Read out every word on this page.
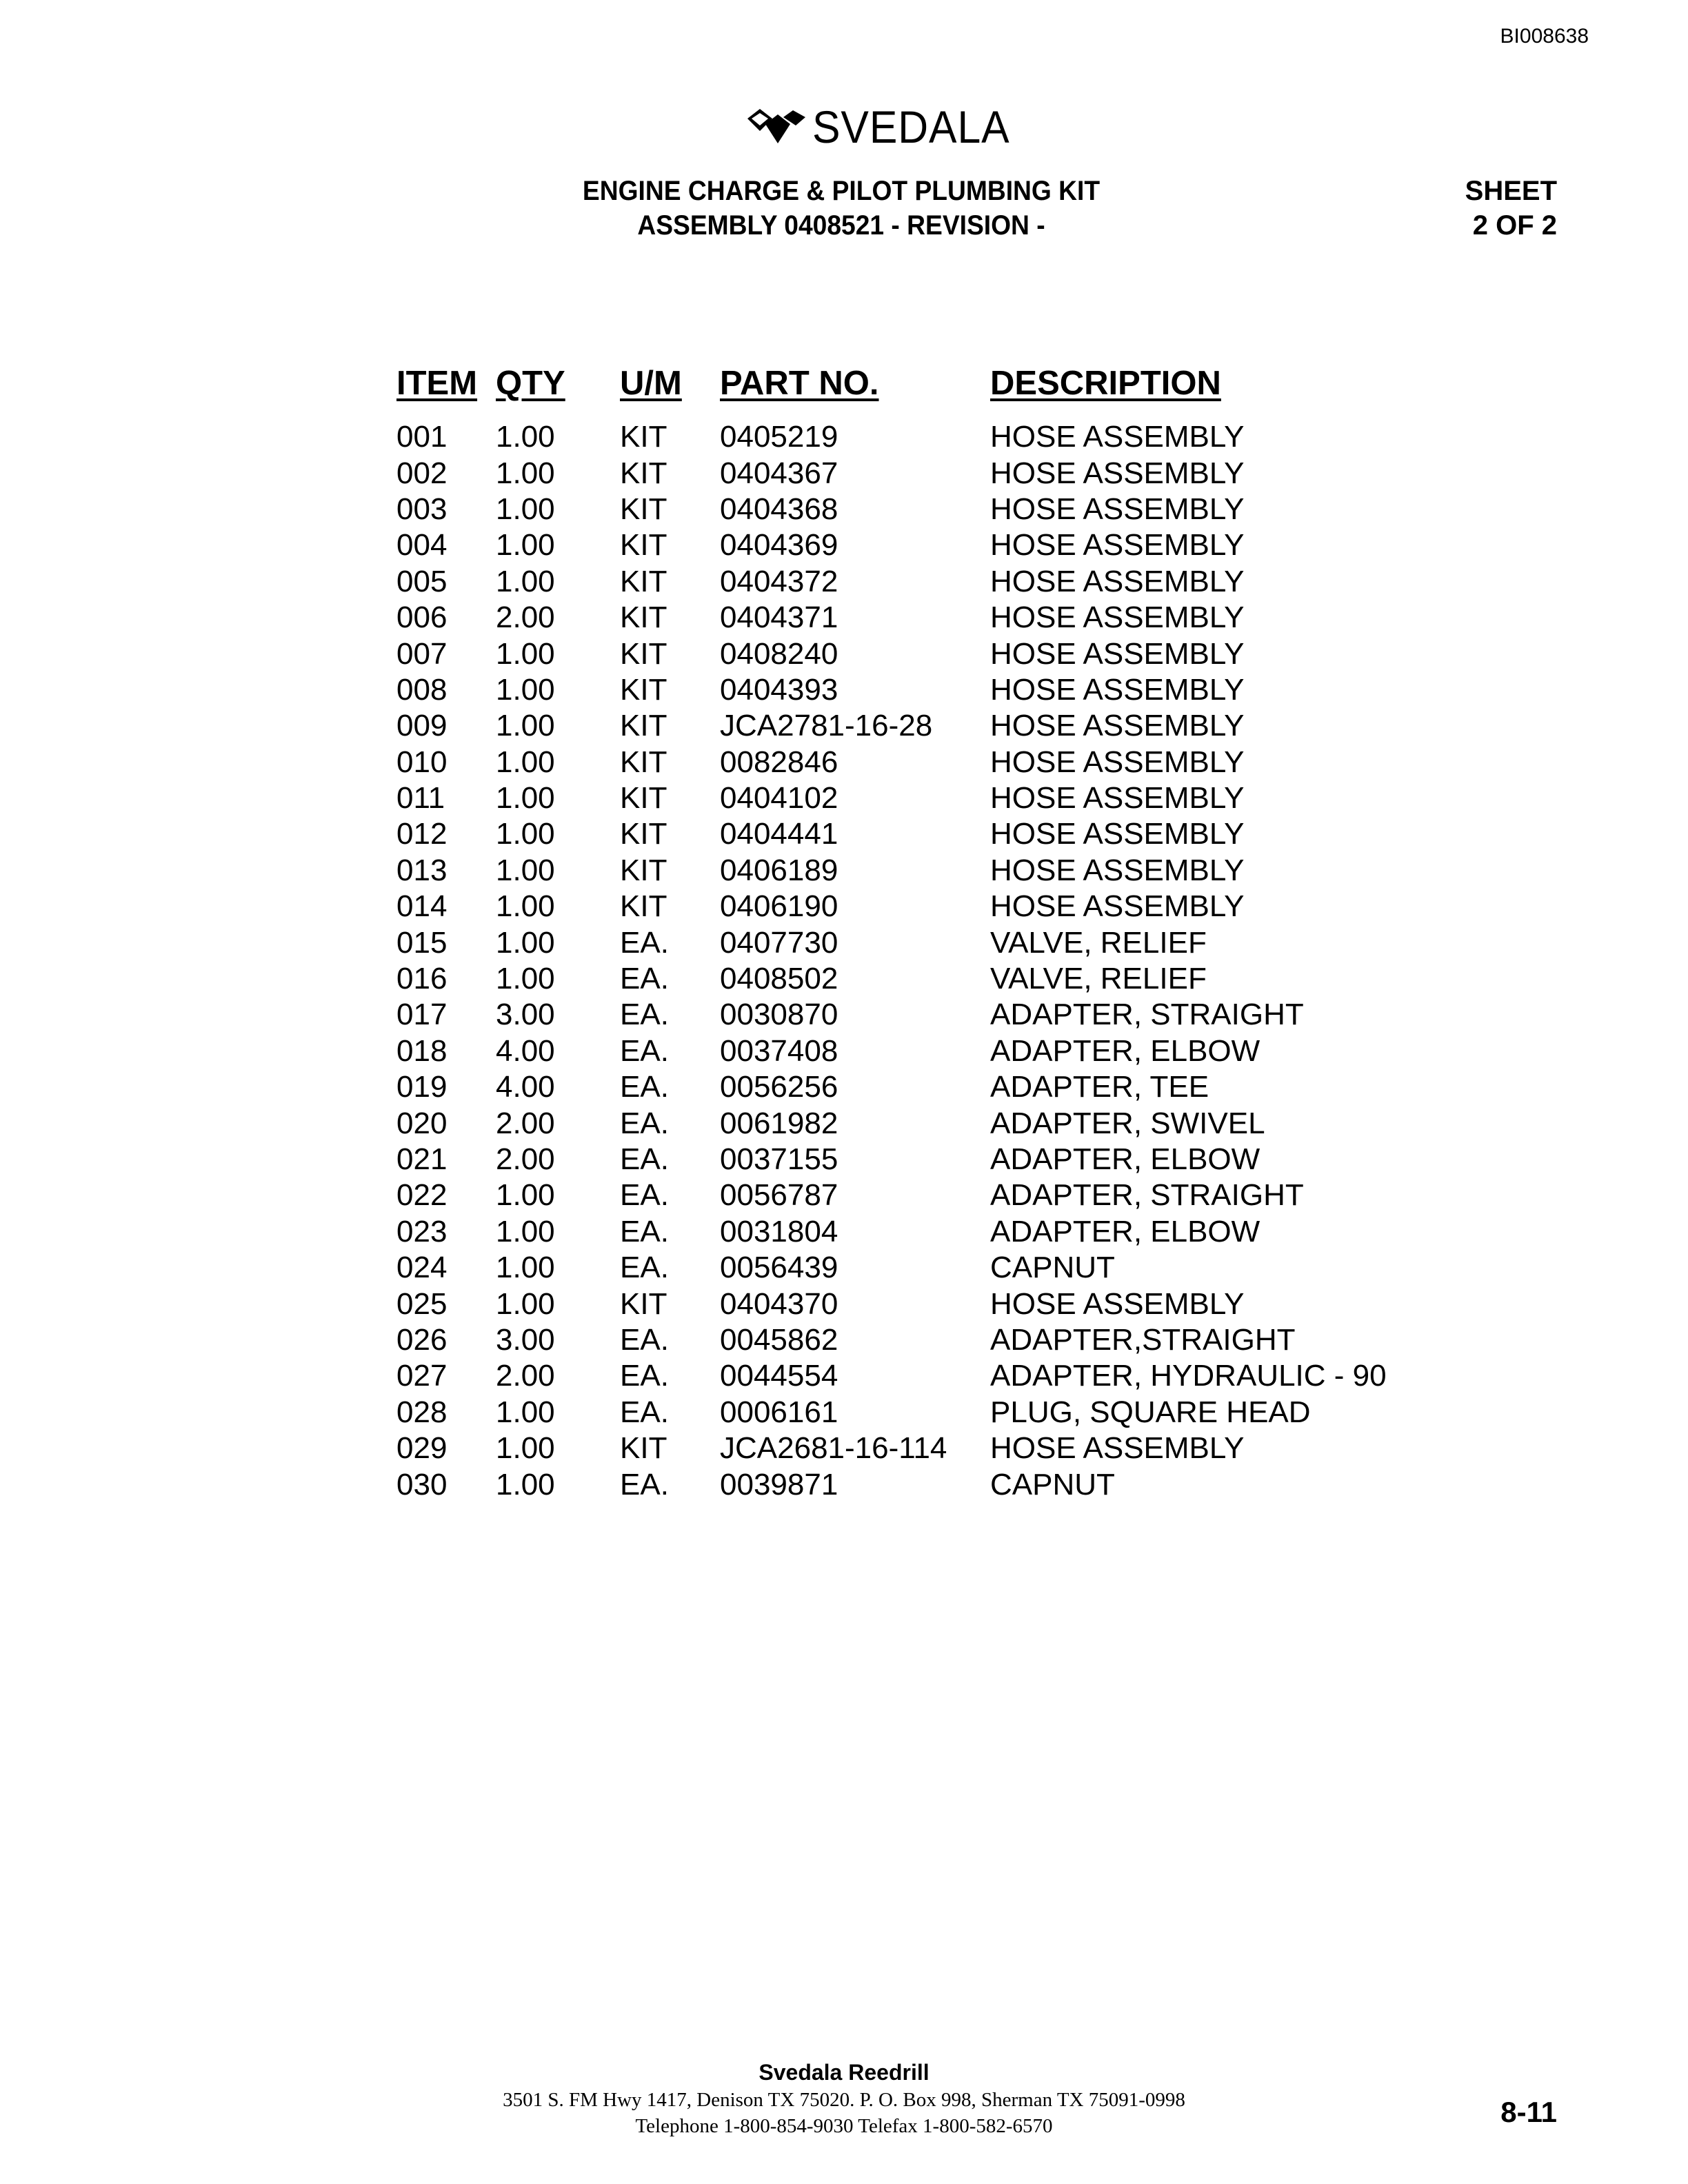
BI008638
SVEDALA
ENGINE CHARGE & PILOT PLUMBING KIT
ASSEMBLY 0408521 - REVISION -
SHEET
2 OF 2
ITEM	QTY	U/M	PART NO.	DESCRIPTION
001	1.00	KIT	0405219	HOSE ASSEMBLY
002	1.00	KIT	0404367	HOSE ASSEMBLY
003	1.00	KIT	0404368	HOSE ASSEMBLY
004	1.00	KIT	0404369	HOSE ASSEMBLY
005	1.00	KIT	0404372	HOSE ASSEMBLY
006	2.00	KIT	0404371	HOSE ASSEMBLY
007	1.00	KIT	0408240	HOSE ASSEMBLY
008	1.00	KIT	0404393	HOSE ASSEMBLY
009	1.00	KIT	JCA2781-16-28	HOSE ASSEMBLY
010	1.00	KIT	0082846	HOSE ASSEMBLY
011	1.00	KIT	0404102	HOSE ASSEMBLY
012	1.00	KIT	0404441	HOSE ASSEMBLY
013	1.00	KIT	0406189	HOSE ASSEMBLY
014	1.00	KIT	0406190	HOSE ASSEMBLY
015	1.00	EA.	0407730	VALVE, RELIEF
016	1.00	EA.	0408502	VALVE, RELIEF
017	3.00	EA.	0030870	ADAPTER, STRAIGHT
018	4.00	EA.	0037408	ADAPTER, ELBOW
019	4.00	EA.	0056256	ADAPTER, TEE
020	2.00	EA.	0061982	ADAPTER, SWIVEL
021	2.00	EA.	0037155	ADAPTER, ELBOW
022	1.00	EA.	0056787	ADAPTER, STRAIGHT
023	1.00	EA.	0031804	ADAPTER, ELBOW
024	1.00	EA.	0056439	CAPNUT
025	1.00	KIT	0404370	HOSE ASSEMBLY
026	3.00	EA.	0045862	ADAPTER,STRAIGHT
027	2.00	EA.	0044554	ADAPTER, HYDRAULIC - 90
028	1.00	EA.	0006161	PLUG, SQUARE HEAD
029	1.00	KIT	JCA2681-16-114	HOSE ASSEMBLY
030	1.00	EA.	0039871	CAPNUT
Svedala Reedrill
3501 S. FM Hwy 1417, Denison TX 75020. P. O. Box 998, Sherman TX 75091-0998
Telephone 1-800-854-9030 Telefax 1-800-582-6570	8-11
